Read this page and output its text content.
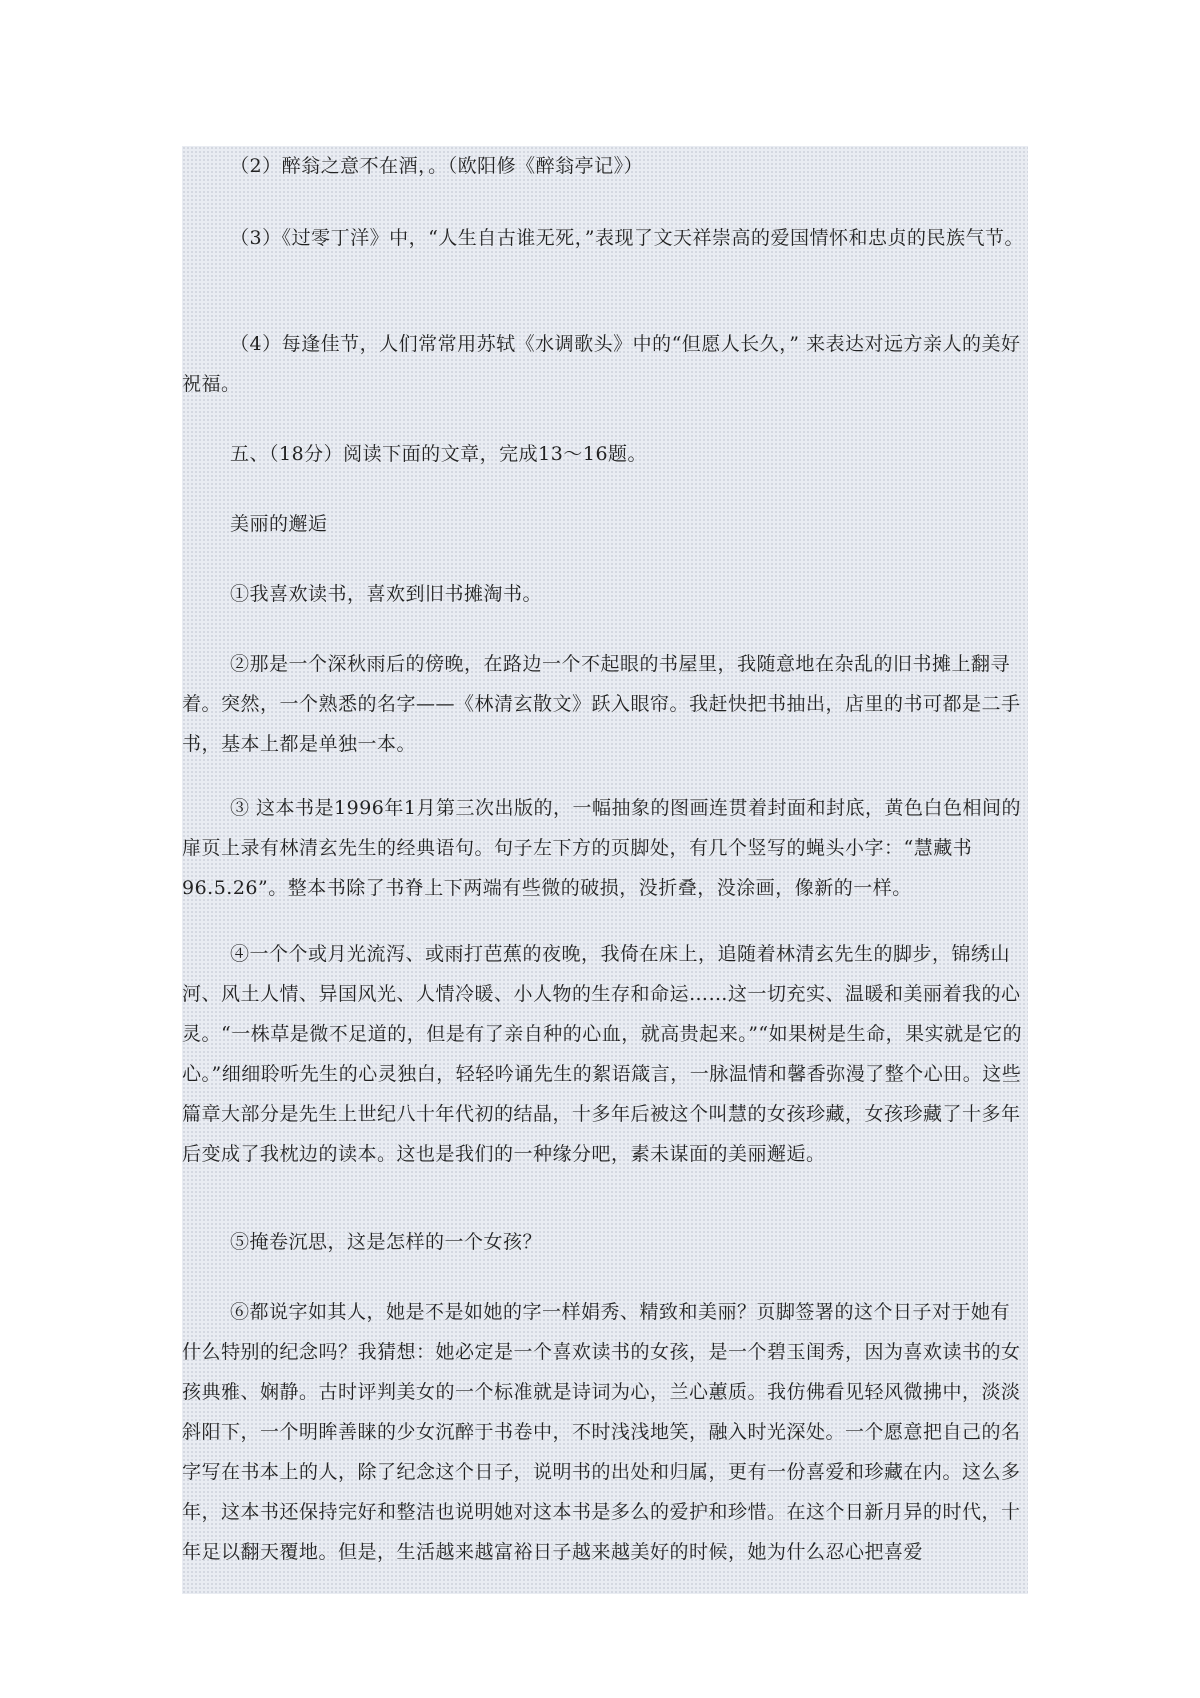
（2）醉翁之意不在酒，。（欧阳修《醉翁亭记》）

（3）《过零丁洋》中，“人生自古谁无死，”表现了文天祥崇高的爱国情怀和忠贞的民族气节。

（4）每逢佳节，人们常常用苏轼《水调歌头》中的“但愿人长久，” 来表达对远方亲人的美好祝福。

五、（18分）阅读下面的文章，完成13～16题。

美丽的邂逅

①我喜欢读书，喜欢到旧书摊淘书。

②那是一个深秋雨后的傍晚，在路边一个不起眼的书屋里，我随意地在杂乱的旧书摊上翻寻着。突然，一个熟悉的名字——《林清玄散文》跃入眼帘。我赶快把书抽出，店里的书可都是二手书，基本上都是单独一本。

③ 这本书是1996年1月第三次出版的，一幅抽象的图画连贯着封面和封底，黄色白色相间的扉页上录有林清玄先生的经典语句。句子左下方的页脚处，有几个竖写的蝇头小字：“慧藏书96.5.26”。整本书除了书脊上下两端有些微的破损，没折叠，没涂画，像新的一样。

④一个个或月光流泻、或雨打芭蕉的夜晚，我倚在床上，追随着林清玄先生的脚步，锦绣山河、风土人情、异国风光、人情冷暖、小人物的生存和命运……这一切充实、温暖和美丽着我的心灵。“一株草是微不足道的，但是有了亲自种的心血，就高贵起来。”“如果树是生命，果实就是它的心。”细细聆听先生的心灵独白，轻轻吟诵先生的絮语箴言，一脉温情和馨香弥漫了整个心田。这些篇章大部分是先生上世纪八十年代初的结晶，十多年后被这个叫慧的女孩珍藏，女孩珍藏了十多年后变成了我枕边的读本。这也是我们的一种缘分吧，素未谋面的美丽邂逅。

⑤掩卷沉思，这是怎样的一个女孩？

⑥都说字如其人，她是不是如她的字一样娟秀、精致和美丽？页脚签署的这个日子对于她有什么特别的纪念吗？我猜想：她必定是一个喜欢读书的女孩，是一个碧玉闺秀，因为喜欢读书的女孩典雅、娴静。古时评判美女的一个标准就是诗词为心，兰心蕙质。我仿佛看见轻风微拂中，淡淡斜阳下，一个明眸善睐的少女沉醉于书卷中，不时浅浅地笑，融入时光深处。一个愿意把自己的名字写在书本上的人，除了纪念这个日子，说明书的出处和归属，更有一份喜爱和珍藏在内。这么多年，这本书还保持完好和整洁也说明她对这本书是多么的爱护和珍惜。在这个日新月异的时代，十年足以翻天覆地。但是，生活越来越富裕日子越来越美好的时候，她为什么忍心把喜爱
